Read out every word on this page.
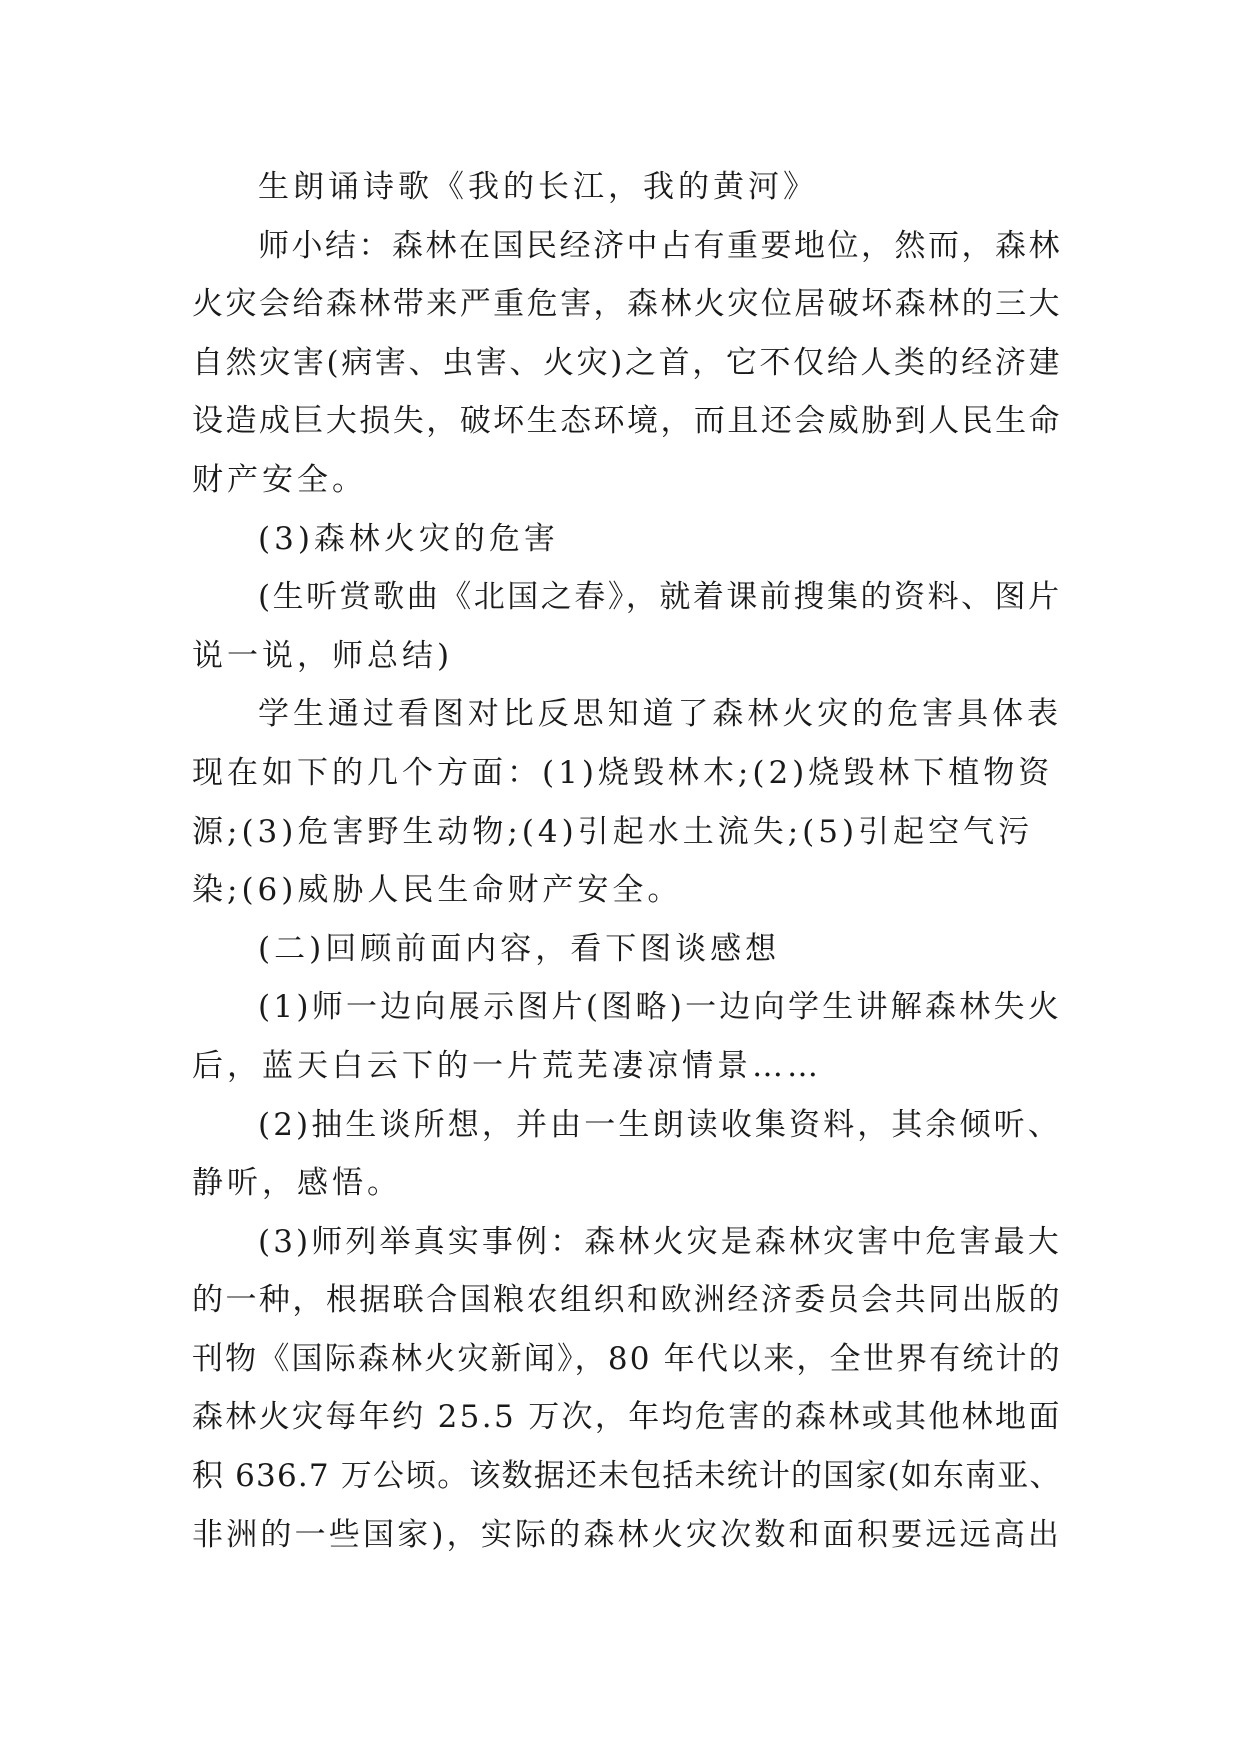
生朗诵诗歌《我的长江，我的黄河》
师小结：森林在国民经济中占有重要地位，然而，森林
火灾会给森林带来严重危害，森林火灾位居破坏森林的三大
自然灾害(病害、虫害、火灾)之首，它不仅给人类的经济建
设造成巨大损失，破坏生态环境，而且还会威胁到人民生命
财产安全。
(3)森林火灾的危害
(生听赏歌曲《北国之春》，就着课前搜集的资料、图片
说一说，师总结)
学生通过看图对比反思知道了森林火灾的危害具体表
现在如下的几个方面：(1)烧毁林木;(2)烧毁林下植物资
源;(3)危害野生动物;(4)引起水土流失;(5)引起空气污
染;(6)威胁人民生命财产安全。
(二)回顾前面内容，看下图谈感想
(1)师一边向展示图片(图略)一边向学生讲解森林失火
后，蓝天白云下的一片荒芜凄凉情景……
(2)抽生谈所想，并由一生朗读收集资料，其余倾听、
静听，感悟。
(3)师列举真实事例：森林火灾是森林灾害中危害最大
的一种，根据联合国粮农组织和欧洲经济委员会共同出版的
刊物《国际森林火灾新闻》，80 年代以来，全世界有统计的
森林火灾每年约 25.5 万次，年均危害的森林或其他林地面
积 636.7 万公顷。该数据还未包括未统计的国家(如东南亚、
非洲的一些国家)，实际的森林火灾次数和面积要远远高出
